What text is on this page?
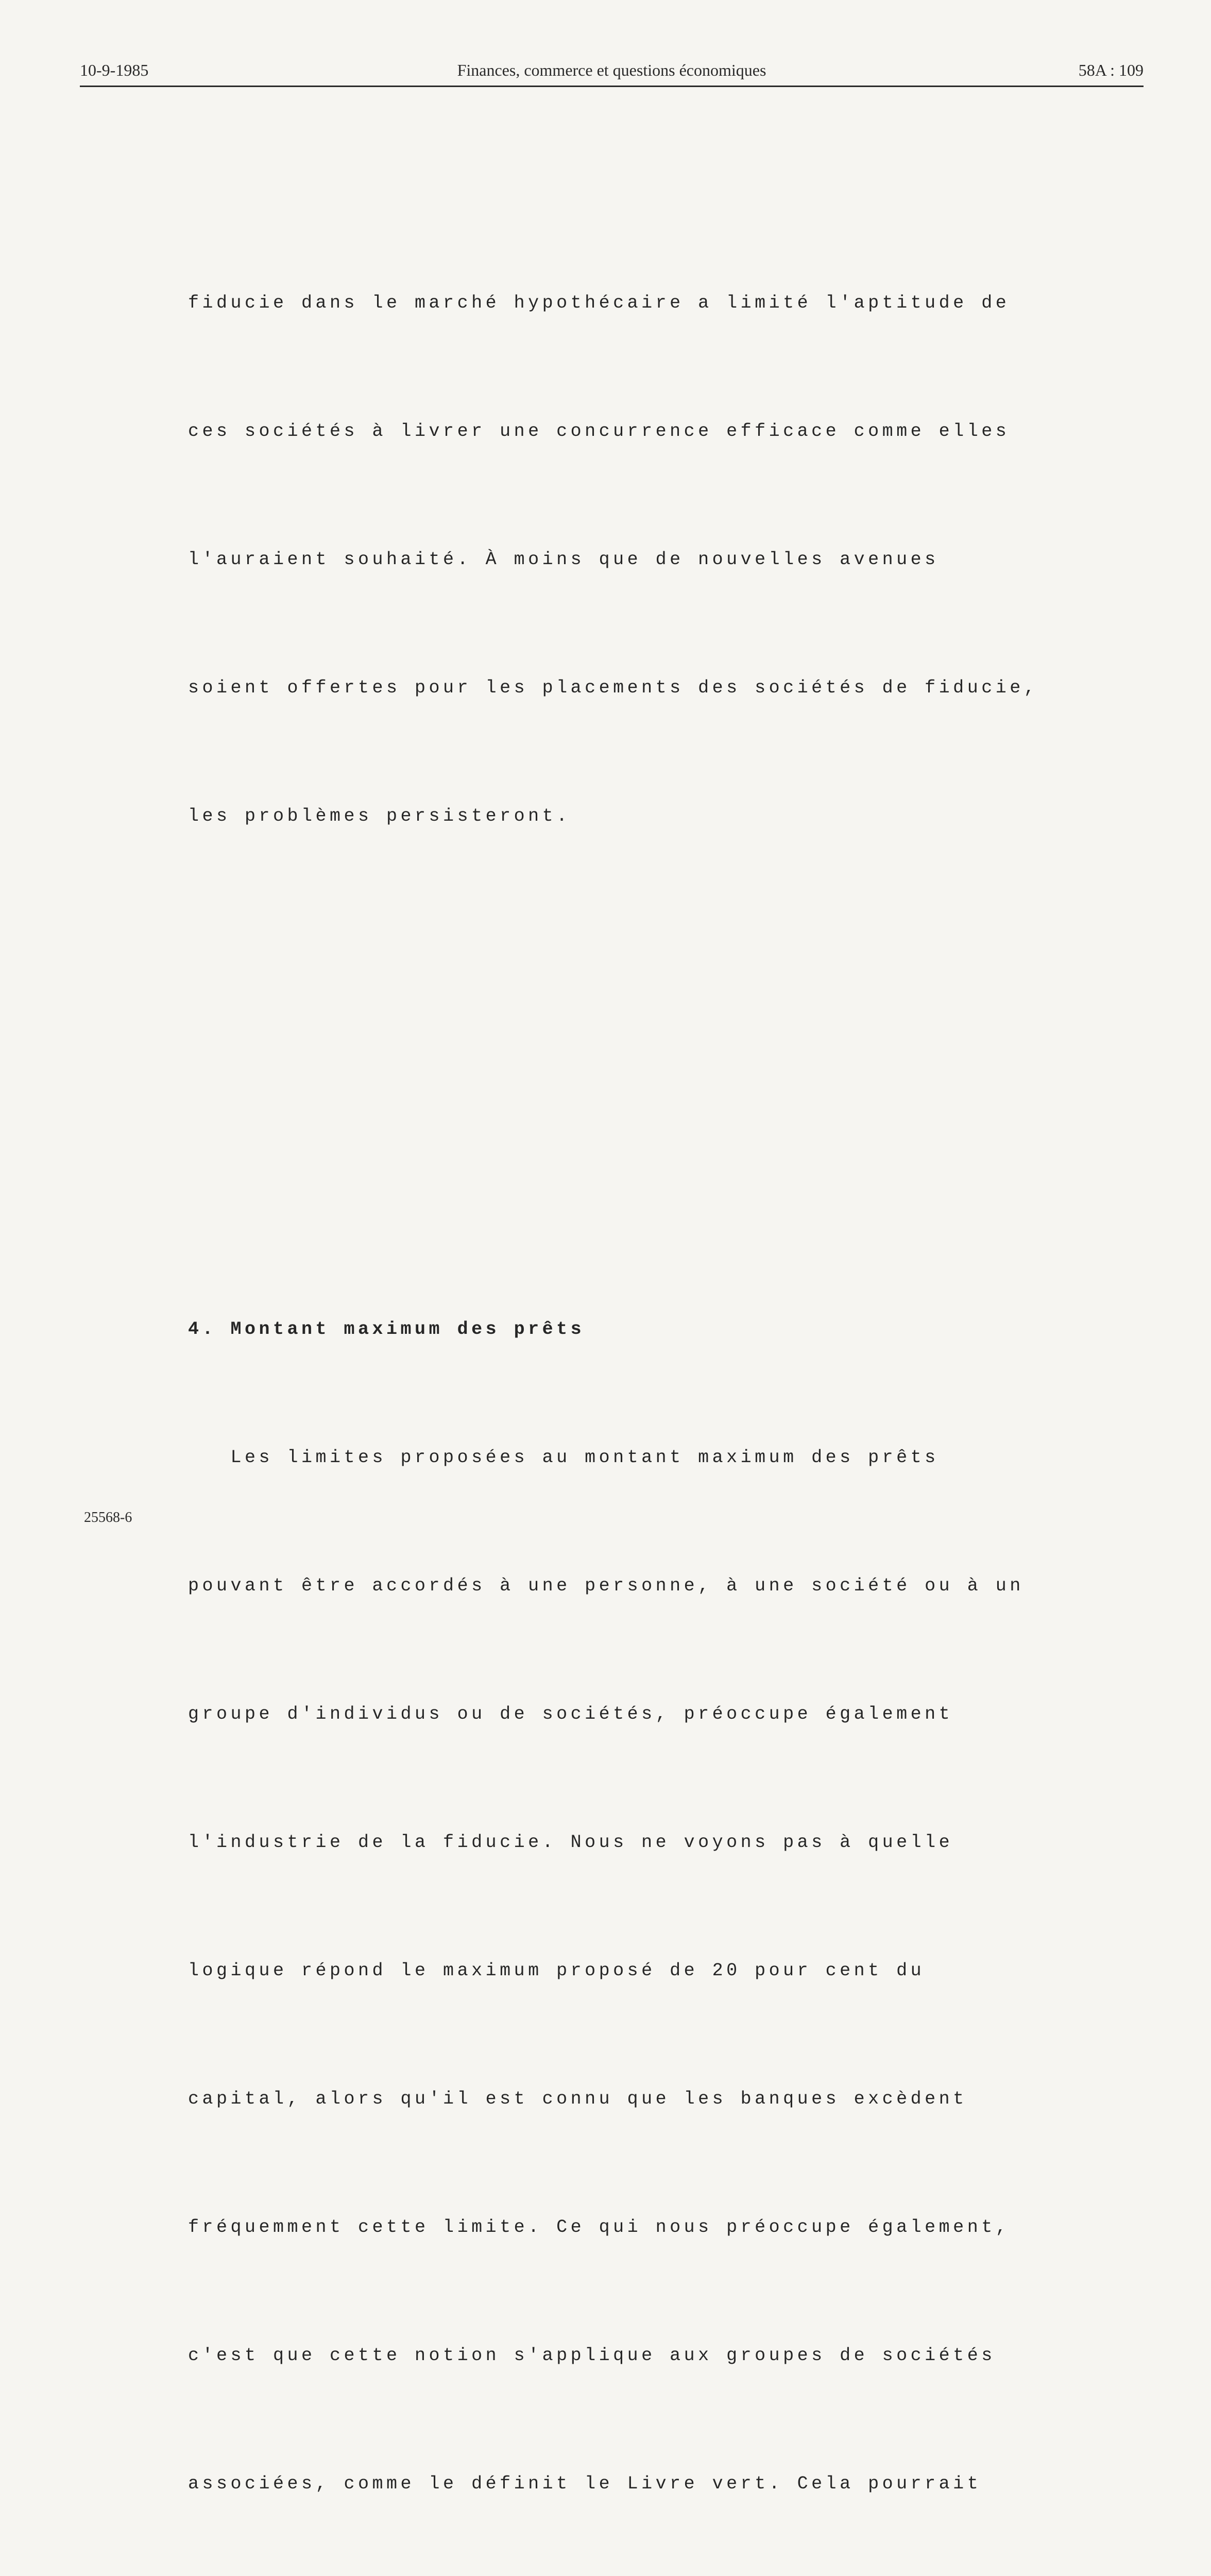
10-9-1985	Finances, commerce et questions économiques	58A : 109

fiducie dans le marché hypothécaire a limité l'aptitude de

ces sociétés à livrer une concurrence efficace comme elles

l'auraient souhaité. À moins que de nouvelles avenues

soient offertes pour les placements des sociétés de fiducie,

les problèmes persisteront.

4. Montant maximum des prêts

Les limites proposées au montant maximum des prêts

pouvant être accordés à une personne, à une société ou à un

groupe d'individus ou de sociétés, préoccupe également

l'industrie de la fiducie. Nous ne voyons pas à quelle

logique répond le maximum proposé de 20 pour cent du

capital, alors qu'il est connu que les banques excèdent

fréquemment cette limite. Ce qui nous préoccupe également,

c'est que cette notion s'applique aux groupes de sociétés

associées, comme le définit le Livre vert. Cela pourrait

25568-6
